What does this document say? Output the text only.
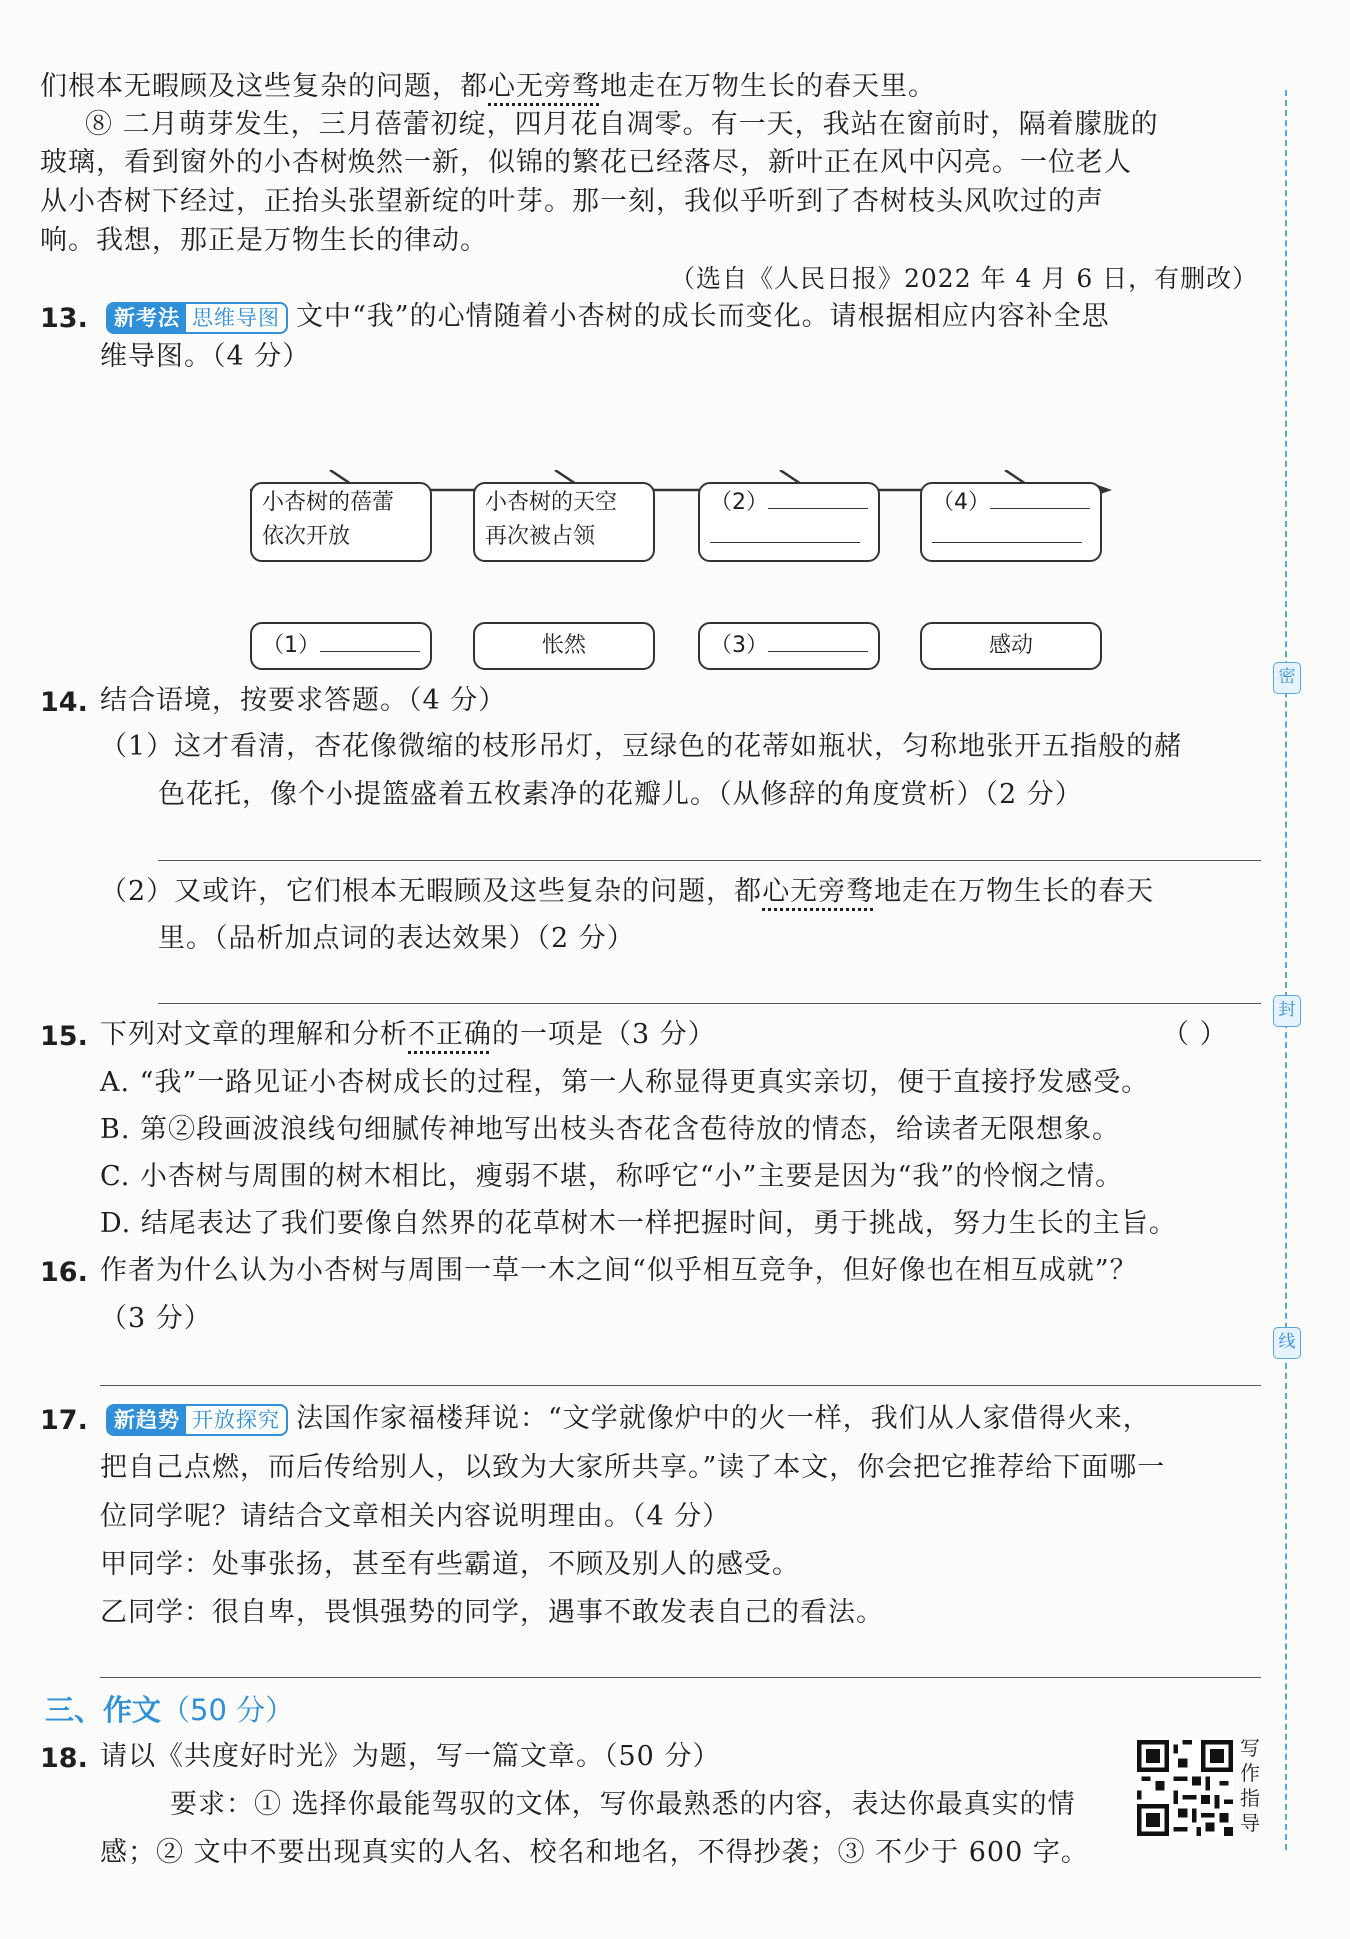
们根本无暇顾及这些复杂的问题，都心无旁骛地走在万物生长的春天里。
⑧ 二月萌芽发生，三月蓓蕾初绽，四月花自凋零。有一天，我站在窗前时，隔着朦胧的
玻璃，看到窗外的小杏树焕然一新，似锦的繁花已经落尽，新叶正在风中闪亮。一位老人
从小杏树下经过，正抬头张望新绽的叶芽。那一刻，我似乎听到了杏树枝头风吹过的声
响。我想，那正是万物生长的律动。
（选自《人民日报》2022 年 4 月 6 日，有删改）
13.	新考法 思维导图 文中“我”的心情随着小杏树的成长而变化。请根据相应内容补全思
维导图。（4 分）
小杏树的蓓蕾
依次开放
小杏树的天空
再次被占领
（2）	（4）
（1）	怅然	（3）	感动
14. 结合语境，按要求答题。（4 分）
（1）这才看清，杏花像微缩的枝形吊灯，豆绿色的花蒂如瓶状，匀称地张开五指般的赭
色花托，像个小提篮盛着五枚素净的花瓣儿。（从修辞的角度赏析）（2 分）
（2）又或许，它们根本无暇顾及这些复杂的问题，都心无旁骛地走在万物生长的春天
里。（品析加点词的表达效果）（2 分）
15. 下列对文章的理解和分析不正确的一项是（3 分）	（ ）
A. “我”一路见证小杏树成长的过程，第一人称显得更真实亲切，便于直接抒发感受。
B. 第②段画波浪线句细腻传神地写出枝头杏花含苞待放的情态，给读者无限想象。
C. 小杏树与周围的树木相比，瘦弱不堪，称呼它“小”主要是因为“我”的怜悯之情。
D. 结尾表达了我们要像自然界的花草树木一样把握时间，勇于挑战，努力生长的主旨。
16. 作者为什么认为小杏树与周围一草一木之间“似乎相互竞争，但好像也在相互成就”？
（3 分）
17.	新趋势 开放探究 法国作家福楼拜说：“文学就像炉中的火一样，我们从人家借得火来，
把自己点燃，而后传给别人，以致为大家所共享。”读了本文，你会把它推荐给下面哪一
位同学呢？请结合文章相关内容说明理由。（4 分）
甲同学：处事张扬，甚至有些霸道，不顾及别人的感受。
乙同学：很自卑，畏惧强势的同学，遇事不敢发表自己的看法。
三、作文（50 分）
18. 请以《共度好时光》为题，写一篇文章。（50 分）
要求：① 选择你最能驾驭的文体，写你最熟悉的内容，表达你最真实的情
感；② 文中不要出现真实的人名、校名和地名，不得抄袭；③ 不少于 600 字。
写作指导
密
封
线
